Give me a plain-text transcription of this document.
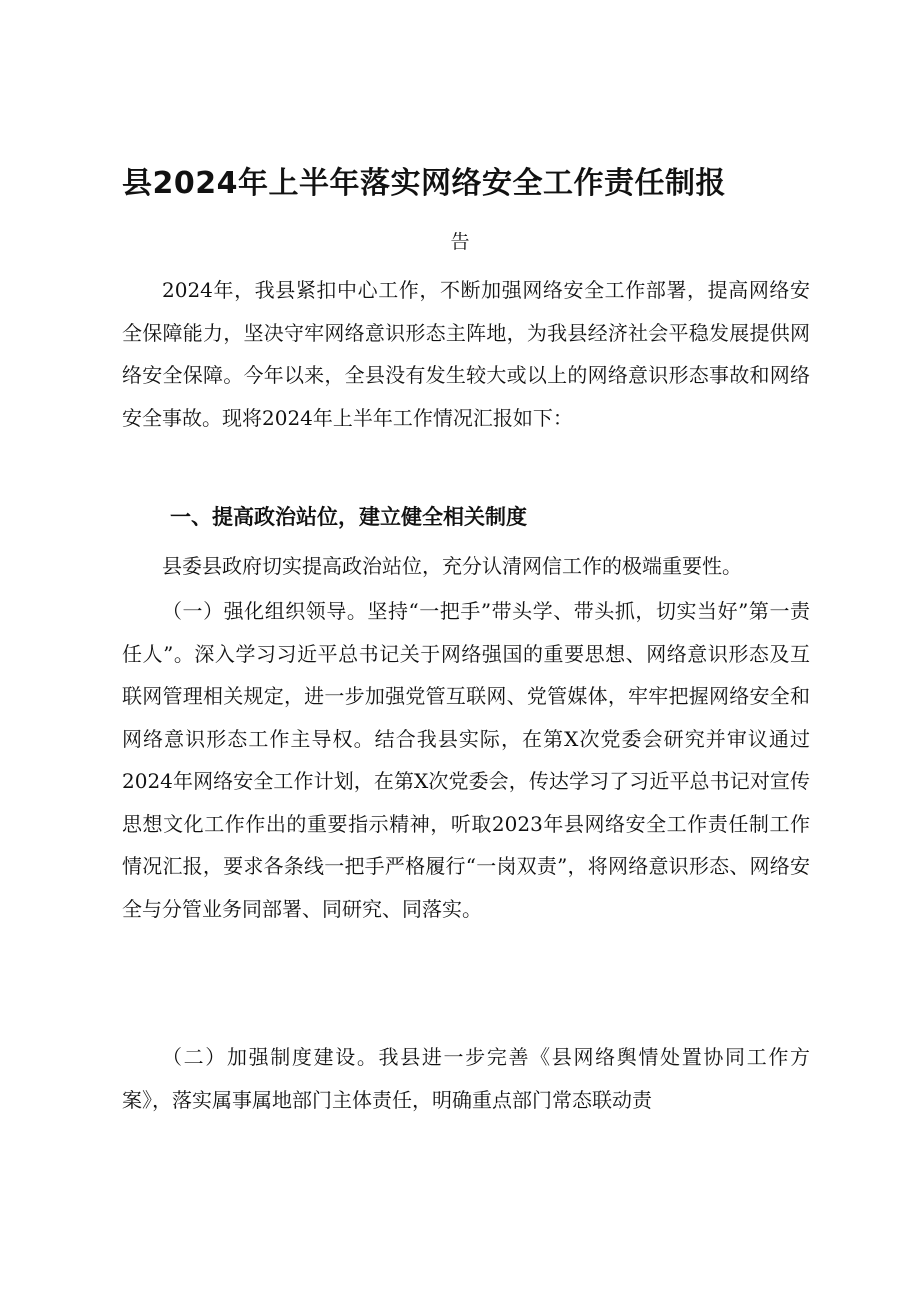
县2024年上半年落实网络安全工作责任制报
告

2024年，我县紧扣中心工作，不断加强网络安全工作部署，提高网络安全保障能力，坚决守牢网络意识形态主阵地，为我县经济社会平稳发展提供网络安全保障。今年以来，全县没有发生较大或以上的网络意识形态事故和网络安全事故。现将2024年上半年工作情况汇报如下：

一、提高政治站位，建立健全相关制度

县委县政府切实提高政治站位，充分认清网信工作的极端重要性。

（一）强化组织领导。坚持“一把手”带头学、带头抓，切实当好”第一责任人”。深入学习习近平总书记关于网络强国的重要思想、网络意识形态及互联网管理相关规定，进一步加强党管互联网、党管媒体，牢牢把握网络安全和网络意识形态工作主导权。结合我县实际，在第X次党委会研究并审议通过2024年网络安全工作计划，在第X次党委会，传达学习了习近平总书记对宣传思想文化工作作出的重要指示精神，听取2023年县网络安全工作责任制工作情况汇报，要求各条线一把手严格履行“一岗双责”，将网络意识形态、网络安全与分管业务同部署、同研究、同落实。

（二）加强制度建设。我县进一步完善《县网络舆情处置协同工作方案》，落实属事属地部门主体责任，明确重点部门常态联动责
